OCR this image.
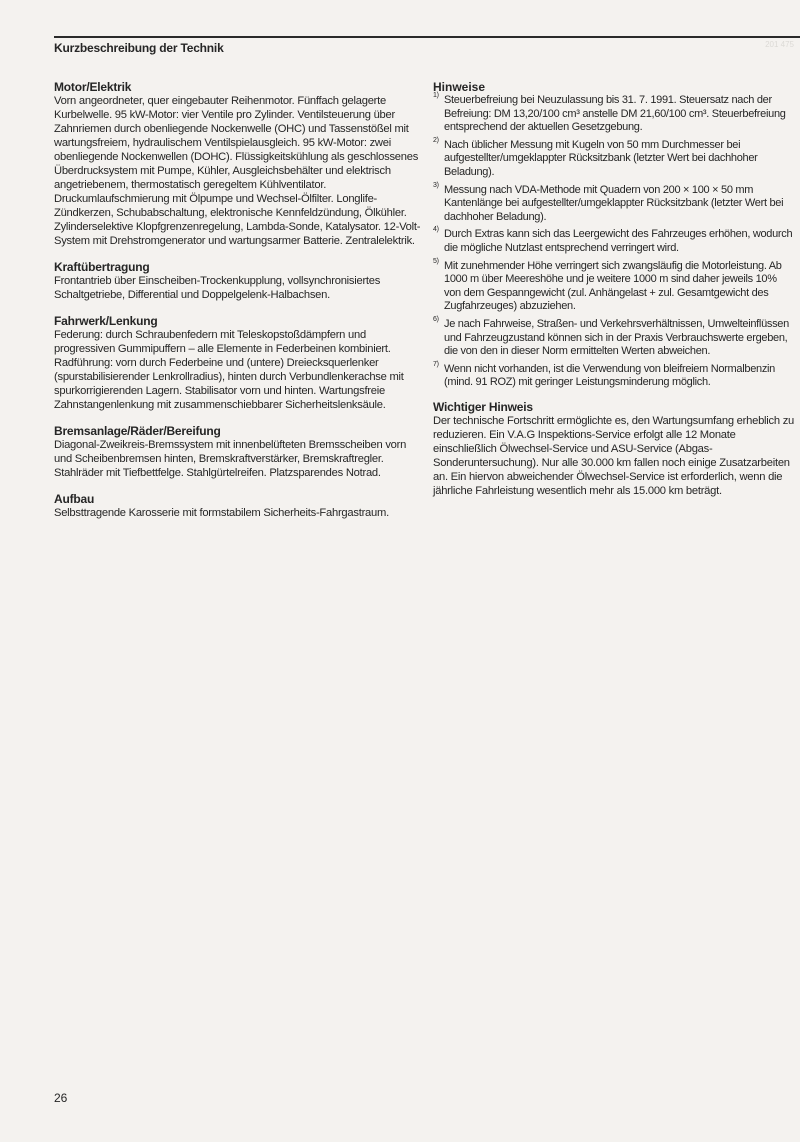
Kurzbeschreibung der Technik	201 475
Motor/Elektrik

Vorn angeordneter, quer eingebauter Reihenmotor. Fünffach gelagerte Kurbelwelle. 95 kW-Motor: vier Ventile pro Zylinder. Ventilsteuerung über Zahnriemen durch obenliegende Nockenwelle (OHC) und Tassenstößel mit wartungsfreiem, hydraulischem Ventilspielausgleich. 95 kW-Motor: zwei obenliegende Nockenwellen (DOHC). Flüssigkeitskühlung als geschlossenes Überdrucksystem mit Pumpe, Kühler, Ausgleichsbehälter und elektrisch angetriebenem, thermostatisch geregeltem Kühlventilator. Druckumlaufschmierung mit Ölpumpe und Wechsel-Ölfilter. Longlife-Zündkerzen, Schubabschaltung, elektronische Kennfeldzündung, Ölkühler. Zylinderselektive Klopfgrenzenregelung, Lambda-Sonde, Katalysator. 12-Volt-System mit Drehstromgenerator und wartungsarmer Batterie. Zentralelektrik.

Kraftübertragung

Frontantrieb über Einscheiben-Trockenkupplung, vollsynchronisiertes Schaltgetriebe, Differential und Doppelgelenk-Halbachsen.

Fahrwerk/Lenkung

Federung: durch Schraubenfedern mit Teleskopstoßdämpfern und progressiven Gummipuffern – alle Elemente in Federbeinen kombiniert. Radführung: vorn durch Federbeine und (untere) Dreiecksquerlenker (spurstabilisierender Lenkrollradius), hinten durch Verbundlenkerachse mit spurkorrigierenden Lagern. Stabilisator vorn und hinten. Wartungsfreie Zahnstangenlenkung mit zusammenschiebbarer Sicherheitslenksäule.

Bremsanlage/Räder/Bereifung

Diagonal-Zweikreis-Bremssystem mit innenbelüfteten Bremsscheiben vorn und Scheibenbremsen hinten, Bremskraftverstärker, Bremskraftregler. Stahlräder mit Tiefbettfelge. Stahlgürtelreifen. Platzsparendes Notrad.

Aufbau

Selbsttragende Karosserie mit formstabilem Sicherheits-Fahrgastraum.

Hinweise
1) Steuerbefreiung bei Neuzulassung bis 31. 7. 1991. Steuersatz nach der Befreiung: DM 13,20/100 cm³ anstelle DM 21,60/100 cm³. Steuerbefreiung entsprechend der aktuellen Gesetzgebung.
2) Nach üblicher Messung mit Kugeln von 50 mm Durchmesser bei aufgestellter/umgeklappter Rücksitzbank (letzter Wert bei dachhoher Beladung).
3) Messung nach VDA-Methode mit Quadern von 200 × 100 × 50 mm Kantenlänge bei aufgestellter/umgeklappter Rücksitzbank (letzter Wert bei dachhoher Beladung).
4) Durch Extras kann sich das Leergewicht des Fahrzeuges erhöhen, wodurch die mögliche Nutzlast entsprechend verringert wird.
5) Mit zunehmender Höhe verringert sich zwangsläufig die Motorleistung. Ab 1000 m über Meereshöhe und je weitere 1000 m sind daher jeweils 10% von dem Gespanngewicht (zul. Anhängelast + zul. Gesamtgewicht des Zugfahrzeuges) abzuziehen.
6) Je nach Fahrweise, Straßen- und Verkehrsverhältnissen, Umwelteinflüssen und Fahrzeugzustand können sich in der Praxis Verbrauchswerte ergeben, die von den in dieser Norm ermittelten Werten abweichen.
7) Wenn nicht vorhanden, ist die Verwendung von bleifreiem Normalbenzin (mind. 91 ROZ) mit geringer Leistungsminderung möglich.
Wichtiger Hinweis

Der technische Fortschritt ermöglichte es, den Wartungsumfang erheblich zu reduzieren. Ein V.A.G Inspektions-Service erfolgt alle 12 Monate einschließlich Ölwechsel-Service und ASU-Service (Abgas-Sonderuntersuchung). Nur alle 30.000 km fallen noch einige Zusatzarbeiten an. Ein hiervon abweichender Ölwechsel-Service ist erforderlich, wenn die jährliche Fahrleistung wesentlich mehr als 15.000 km beträgt.

26
